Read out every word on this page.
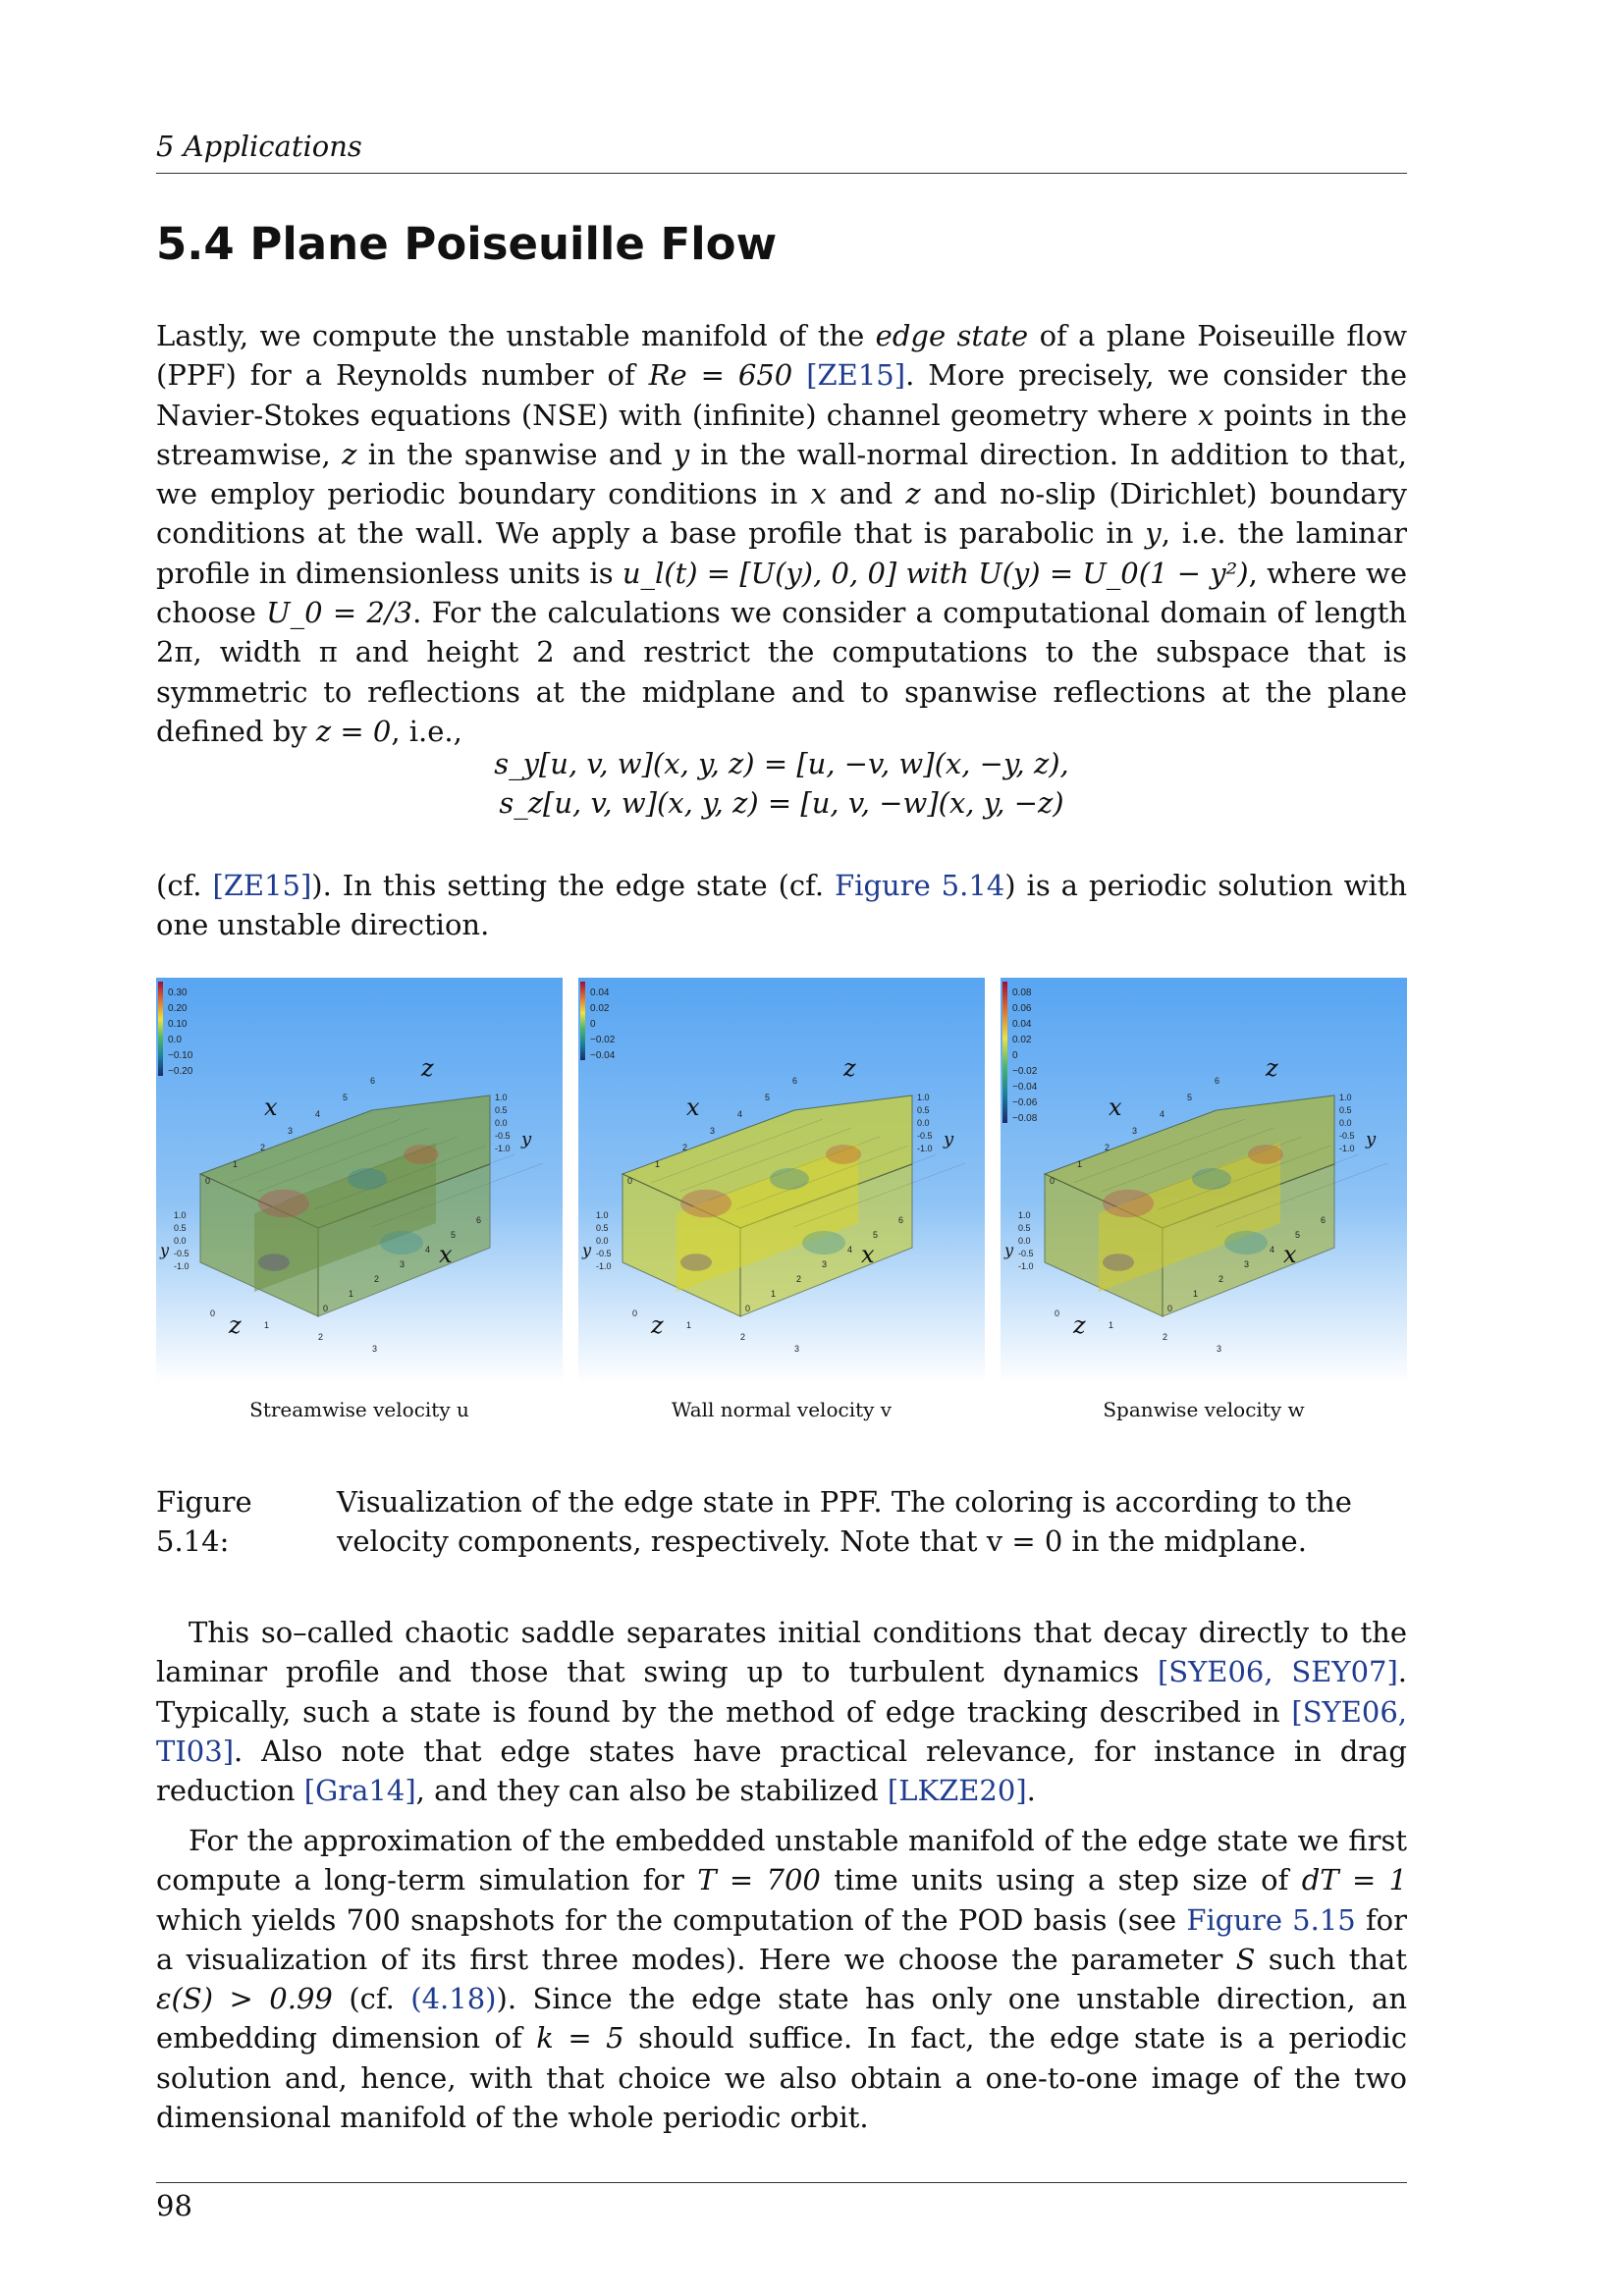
5 Applications
5.4 Plane Poiseuille Flow

Lastly, we compute the unstable manifold of the edge state of a plane Poiseuille flow (PPF) for a Reynolds number of Re = 650 [ZE15]. More precisely, we consider the Navier-Stokes equations (NSE) with (infinite) channel geometry where x points in the streamwise, z in the spanwise and y in the wall-normal direction. In addition to that, we employ periodic boundary conditions in x and z and no-slip (Dirichlet) boundary conditions at the wall. We apply a base profile that is parabolic in y, i.e. the laminar profile in dimensionless units is u_l(t) = [U(y), 0, 0] with U(y) = U_0(1 − y²), where we choose U_0 = 2/3. For the calculations we consider a computational domain of length 2π, width π and height 2 and restrict the computations to the subspace that is symmetric to reflections at the midplane and to spanwise reflections at the plane defined by z = 0, i.e.,

s_y[u, v, w](x, y, z) = [u, −v, w](x, −y, z),
s_z[u, v, w](x, y, z) = [u, v, −w](x, y, −z)

(cf. [ZE15]). In this setting the edge state (cf. Figure 5.14) is a periodic solution with one unstable direction.

0.30
0.20
0.10
0.0
−0.10
−0.20
x
z
y
x
y
z
0
1
2
3
4
5
6
0
1
2
3
4
5
6
1.0
0.5
0.0
-0.5
-1.0
1.0
0.5
0.0
-0.5
-1.0
0
1
2
3
0.04
0.02
0
−0.02
−0.04
x
z
y
x
y
z
0
1
2
3
4
5
6
0
1
2
3
4
5
6
1.0
0.5
0.0
-0.5
-1.0
1.0
0.5
0.0
-0.5
-1.0
0
1
2
3
0.08
0.06
0.04
0.02
0
−0.02
−0.04
−0.06
−0.08	x
z
y
x
y
z
0
1
2
3
4
5
6
0
1
2
3
4
5
6
1.0
0.5
0.0
-0.5
-1.0
1.0
0.5
0.0
-0.5
-1.0
0
1
2
3
Streamwise velocity u	Wall normal velocity v	Spanwise velocity w
Figure 5.14:
Visualization of the edge state in PPF. The coloring is according to the
velocity components, respectively. Note that v = 0 in the midplane.

This so–called chaotic saddle separates initial conditions that decay directly to the laminar profile and those that swing up to turbulent dynamics [SYE06, SEY07]. Typically, such a state is found by the method of edge tracking described in [SYE06, TI03]. Also note that edge states have practical relevance, for instance in drag reduction [Gra14], and they can also be stabilized [LKZE20].

For the approximation of the embedded unstable manifold of the edge state we first compute a long-term simulation for T = 700 time units using a step size of dT = 1 which yields 700 snapshots for the computation of the POD basis (see Figure 5.15 for a visualization of its first three modes). Here we choose the parameter S such that ε(S) > 0.99 (cf. (4.18)). Since the edge state has only one unstable direction, an embedding dimension of k = 5 should suffice. In fact, the edge state is a periodic solution and, hence, with that choice we also obtain a one-to-one image of the two dimensional manifold of the whole periodic orbit.

98
